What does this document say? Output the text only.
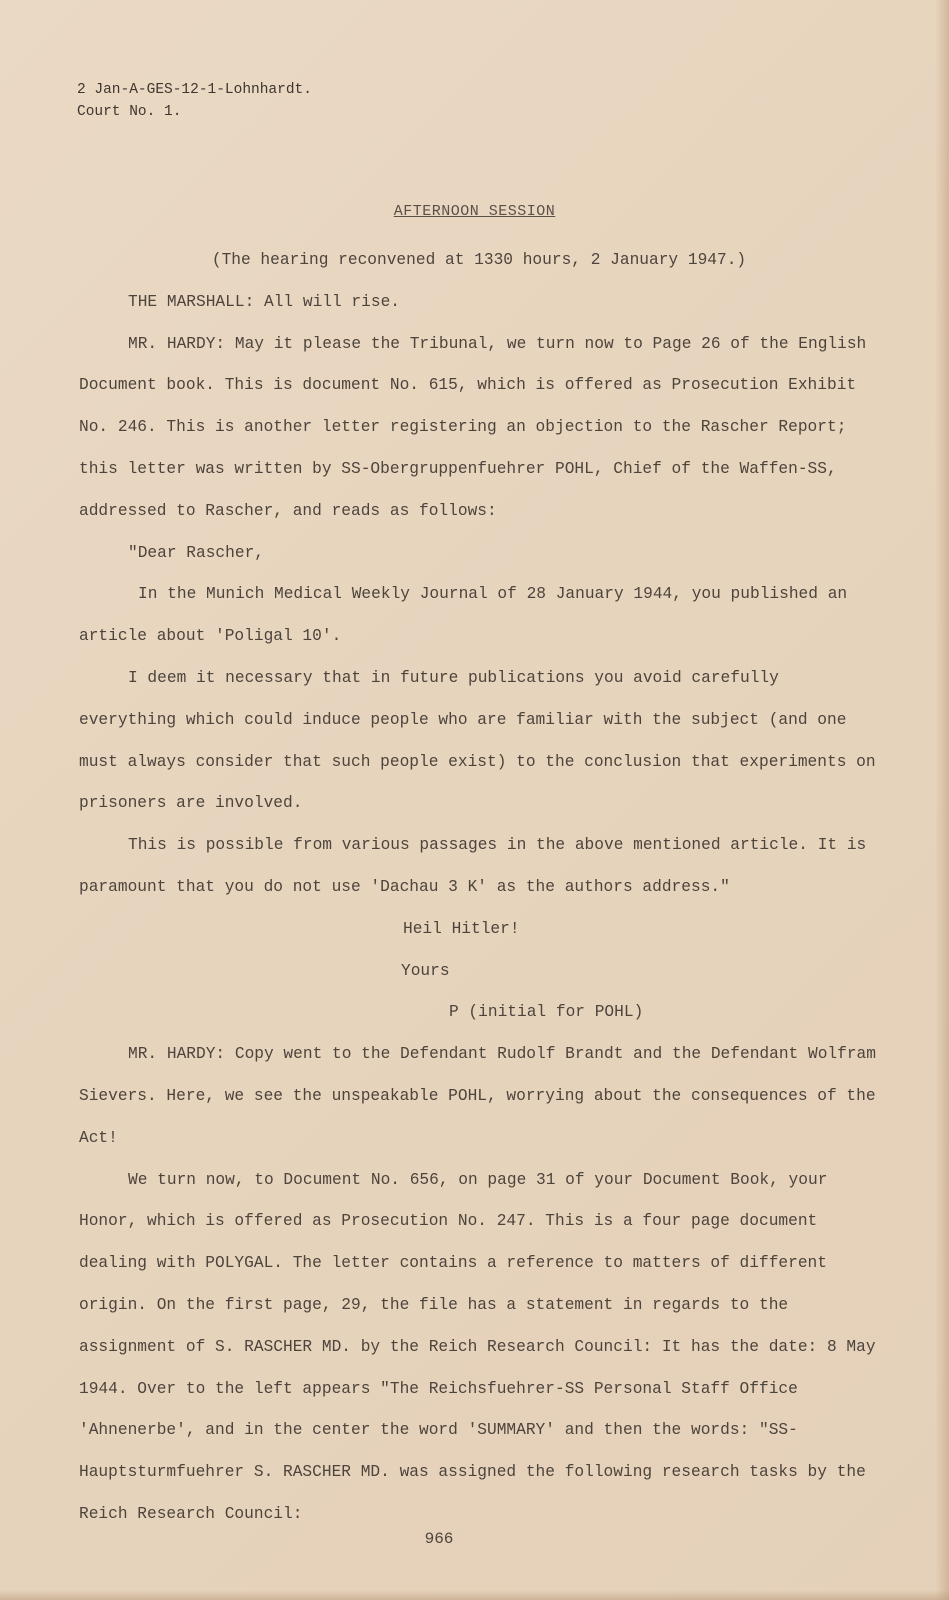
2 Jan-A-GES-12-1-Lohnhardt.
Court No. 1.
AFTERNOON SESSION

(The hearing reconvened at 1330 hours, 2 January 1947.)

THE MARSHALL: All will rise.

MR. HARDY: May it please the Tribunal, we turn now to Page 26 of the English Document book. This is document No. 615, which is offered as Prosecution Exhibit No. 246. This is another letter registering an objection to the Rascher Report; this letter was written by SS-Obergruppenfuehrer POHL, Chief of the Waffen-SS, addressed to Rascher, and reads as follows:

"Dear Rascher,

In the Munich Medical Weekly Journal of 28 January 1944, you published an article about 'Poligal 10'.

I deem it necessary that in future publications you avoid carefully everything which could induce people who are familiar with the subject (and one must always consider that such people exist) to the conclusion that experiments on prisoners are involved.

This is possible from various passages in the above mentioned article. It is paramount that you do not use 'Dachau 3 K' as the authors address."

Heil Hitler!

Yours

P (initial for POHL)

MR. HARDY: Copy went to the Defendant Rudolf Brandt and the Defendant Wolfram Sievers. Here, we see the unspeakable POHL, worrying about the consequences of the Act!

We turn now, to Document No. 656, on page 31 of your Document Book, your Honor, which is offered as Prosecution No. 247. This is a four page document dealing with POLYGAL. The letter contains a reference to matters of different origin. On the first page, 29, the file has a statement in regards to the assignment of S. RASCHER MD. by the Reich Research Council: It has the date: 8 May 1944. Over to the left appears "The Reichsfuehrer-SS Personal Staff Office 'Ahnenerbe', and in the center the word 'SUMMARY' and then the words: "SS-Hauptsturmfuehrer S. RASCHER MD. was assigned the following research tasks by the Reich Research Council:

966
